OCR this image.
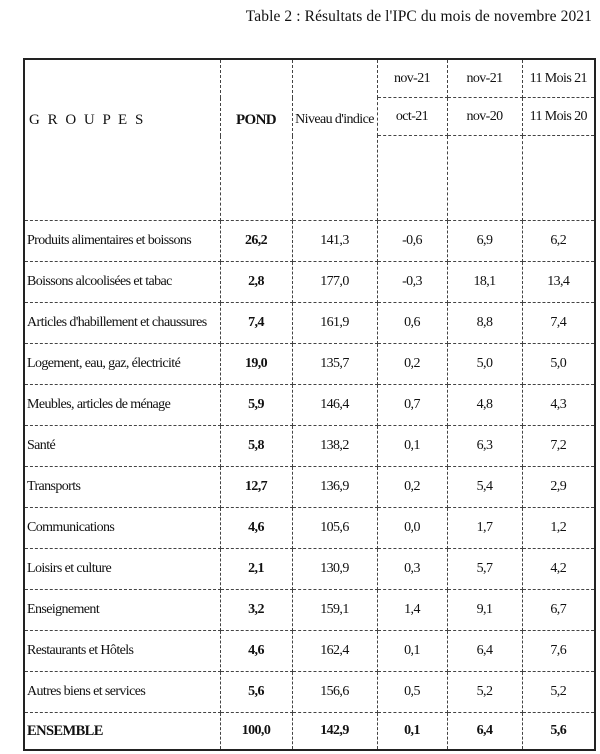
Table 2 : Résultats de l'IPC du mois de novembre 2021
G R O U P E S	POND	Niveau d'indice	nov-21	nov-21	11 Mois 21
			oct-21	nov-20	11 Mois 20

Produits alimentaires et boissons	26,2	141,3	-0,6	6,9	6,2
Boissons alcoolisées et tabac	2,8	177,0	-0,3	18,1	13,4
Articles d'habillement et chaussures	7,4	161,9	0,6	8,8	7,4
Logement, eau, gaz, électricité	19,0	135,7	0,2	5,0	5,0
Meubles, articles de ménage	5,9	146,4	0,7	4,8	4,3
Santé	5,8	138,2	0,1	6,3	7,2
Transports	12,7	136,9	0,2	5,4	2,9
Communications	4,6	105,6	0,0	1,7	1,2
Loisirs et culture	2,1	130,9	0,3	5,7	4,2
Enseignement	3,2	159,1	1,4	9,1	6,7
Restaurants et Hôtels	4,6	162,4	0,1	6,4	7,6
Autres biens et services	5,6	156,6	0,5	5,2	5,2
ENSEMBLE	100,0	142,9	0,1	6,4	5,6
